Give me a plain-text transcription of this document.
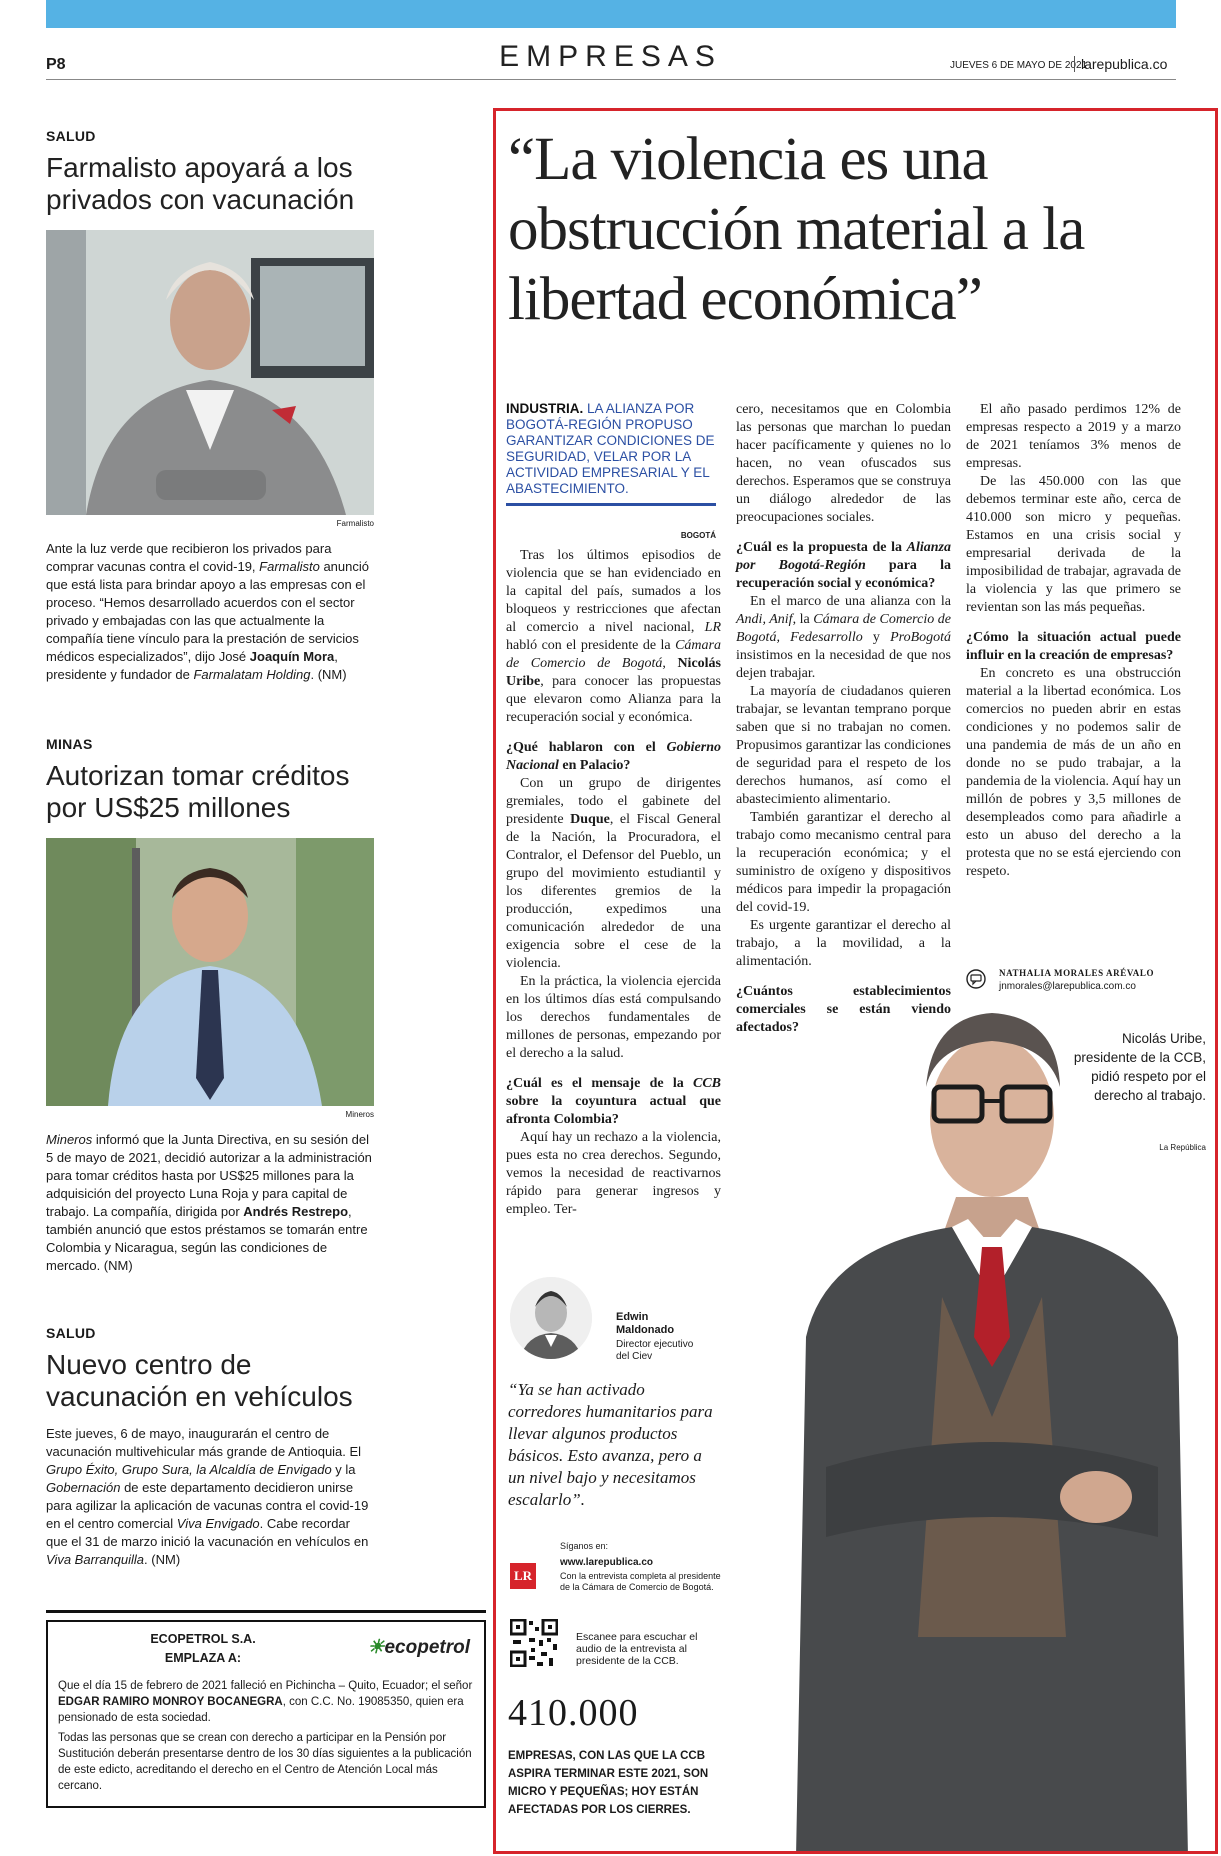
P8	EMPRESAS	JUEVES 6 DE MAYO DE 2021
larepublica.co
SALUD
Farmalisto apoyará a los privados con vacunación
Farmalisto
Ante la luz verde que recibieron los privados para comprar vacunas contra el covid-19, Farmalisto anunció que está lista para brindar apoyo a las empresas con el proceso. “Hemos desarrollado acuerdos con el sector privado y embajadas con las que actualmente la compañía tiene vínculo para la prestación de servicios médicos especializados”, dijo José Joaquín Mora, presidente y fundador de Farmalatam Holding. (NM)
MINAS
Autorizan tomar créditos por US$25 millones
Mineros
Mineros informó que la Junta Directiva, en su sesión del 5 de mayo de 2021, decidió autorizar a la administración para tomar créditos hasta por US$25 millones para la adquisición del proyecto Luna Roja y para capital de trabajo. La compañía, dirigida por Andrés Restrepo, también anunció que estos préstamos se tomarán entre Colombia y Nicaragua, según las condiciones de mercado. (NM)
SALUD
Nuevo centro de vacunación en vehículos
Este jueves, 6 de mayo, inaugurarán el centro de vacunación multivehicular más grande de Antioquia. El Grupo Éxito, Grupo Sura, la Alcaldía de Envigado y la Gobernación de este departamento decidieron unirse para agilizar la aplicación de vacunas contra el covid-19 en el centro comercial Viva Envigado. Cabe recordar que el 31 de marzo inició la vacunación en vehículos en Viva Barranquilla. (NM)
ECOPETROL S.A.
EMPLAZA A:	☀ecopetrol

Que el día 15 de febrero de 2021 falleció en Pichincha – Quito, Ecuador; el señor EDGAR RAMIRO MONROY BOCANEGRA, con C.C. No. 19085350, quien era pensionado de esta sociedad.

Todas las personas que se crean con derecho a participar en la Pensión por Sustitución deberán presentarse dentro de los 30 días siguientes a la publicación de este edicto, acreditando el derecho en el Centro de Atención Local más cercano.

“La violencia es una obstrucción material a la libertad económica”
INDUSTRIA. LA ALIANZA POR BOGOTÁ-REGIÓN PROPUSO GARANTIZAR CONDICIONES DE SEGURIDAD, VELAR POR LA ACTIVIDAD EMPRESARIAL Y EL ABASTECIMIENTO.
BOGOTÁ

Tras los últimos episodios de violencia que se han evidenciado en la capital del país, sumados a los bloqueos y restricciones que afectan al comercio a nivel nacional, LR habló con el presidente de la Cámara de Comercio de Bogotá, Nicolás Uribe, para conocer las propuestas que elevaron como Alianza para la recuperación social y económica.

¿Qué hablaron con el Gobierno Nacional en Palacio?

Con un grupo de dirigentes gremiales, todo el gabinete del presidente Duque, el Fiscal General de la Nación, la Procuradora, el Contralor, el Defensor del Pueblo, un grupo del movimiento estudiantil y los diferentes gremios de la producción, expedimos una comunicación alrededor de una exigencia sobre el cese de la violencia.

En la práctica, la violencia ejercida en los últimos días está compulsando los derechos fundamentales de millones de personas, empezando por el derecho a la salud.

¿Cuál es el mensaje de la CCB sobre la coyuntura actual que afronta Colombia?

Aquí hay un rechazo a la violencia, pues esta no crea derechos. Segundo, vemos la necesidad de reactivarnos rápido para generar ingresos y empleo. Ter-

cero, necesitamos que en Colombia las personas que marchan lo puedan hacer pacíficamente y quienes no lo hacen, no vean ofuscados sus derechos. Esperamos que se construya un diálogo alrededor de las preocupaciones sociales.

¿Cuál es la propuesta de la Alianza por Bogotá-Región para la recuperación social y económica?

En el marco de una alianza con la Andi, Anif, la Cámara de Comercio de Bogotá, Fedesarrollo y ProBogotá insistimos en la necesidad de que nos dejen trabajar.

La mayoría de ciudadanos quieren trabajar, se levantan temprano porque saben que si no trabajan no comen. Propusimos garantizar las condiciones de seguridad para el respeto de los derechos humanos, así como el abastecimiento alimentario.

También garantizar el derecho al trabajo como mecanismo central para la recuperación económica; y el suministro de oxígeno y dispositivos médicos para impedir la propagación del covid-19.

Es urgente garantizar el derecho al trabajo, a la movilidad, a la alimentación.

¿Cuántos establecimientos comerciales se están viendo afectados?

El año pasado perdimos 12% de empresas respecto a 2019 y a marzo de 2021 teníamos 3% menos de empresas.

De las 450.000 con las que debemos terminar este año, cerca de 410.000 son micro y pequeñas. Estamos en una crisis social y empresarial derivada de la imposibilidad de trabajar, agravada de la violencia y las que primero se revientan son las más pequeñas.

¿Cómo la situación actual puede influir en la creación de empresas?

En concreto es una obstrucción material a la libertad económica. Los comercios no pueden abrir en estas condiciones y no podemos salir de una pandemia de más de un año en donde no se pudo trabajar, a la pandemia de la violencia. Aquí hay un millón de pobres y 3,5 millones de desempleados como para añadirle a esto un abuso del derecho a la protesta que no se está ejerciendo con respeto.

NATHALIA MORALES ARÉVALO
jnmorales@larepublica.com.co
Nicolás Uribe, presidente de la CCB, pidió respeto por el derecho al trabajo.
La República
Edwin
Maldonado
Director ejecutivo
del Ciev
“Ya se han activado corredores humanitarios para llevar algunos productos básicos. Esto avanza, pero a un nivel bajo y necesitamos escalarlo”.
Síganos en:
LR
www.larepublica.co
Con la entrevista completa al presidente de la Cámara de Comercio de Bogotá.
Escanee para escuchar el audio de la entrevista al presidente de la CCB.
410.000
EMPRESAS, CON LAS QUE LA CCB ASPIRA TERMINAR ESTE 2021, SON MICRO Y PEQUEÑAS; HOY ESTÁN AFECTADAS POR LOS CIERRES.
